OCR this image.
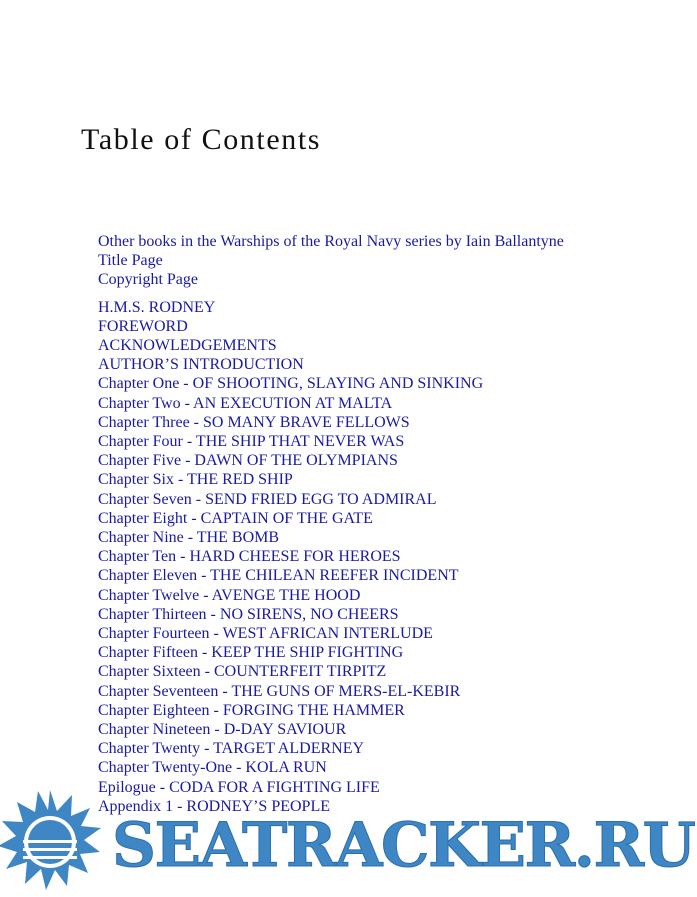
Table of Contents
Other books in the Warships of the Royal Navy series by Iain Ballantyne
Title Page
Copyright Page
H.M.S. RODNEY
FOREWORD
ACKNOWLEDGEMENTS
AUTHOR’S INTRODUCTION
Chapter One - OF SHOOTING, SLAYING AND SINKING
Chapter Two - AN EXECUTION AT MALTA
Chapter Three - SO MANY BRAVE FELLOWS
Chapter Four - THE SHIP THAT NEVER WAS
Chapter Five - DAWN OF THE OLYMPIANS
Chapter Six - THE RED SHIP
Chapter Seven - SEND FRIED EGG TO ADMIRAL
Chapter Eight - CAPTAIN OF THE GATE
Chapter Nine - THE BOMB
Chapter Ten - HARD CHEESE FOR HEROES
Chapter Eleven - THE CHILEAN REEFER INCIDENT
Chapter Twelve - AVENGE THE HOOD
Chapter Thirteen - NO SIRENS, NO CHEERS
Chapter Fourteen - WEST AFRICAN INTERLUDE
Chapter Fifteen - KEEP THE SHIP FIGHTING
Chapter Sixteen - COUNTERFEIT TIRPITZ
Chapter Seventeen - THE GUNS OF MERS-EL-KEBIR
Chapter Eighteen - FORGING THE HAMMER
Chapter Nineteen - D-DAY SAVIOUR
Chapter Twenty - TARGET ALDERNEY
Chapter Twenty-One - KOLA RUN
Epilogue - CODA FOR A FIGHTING LIFE
Appendix 1 - RODNEY’S PEOPLE
SEATRACKER.RU
